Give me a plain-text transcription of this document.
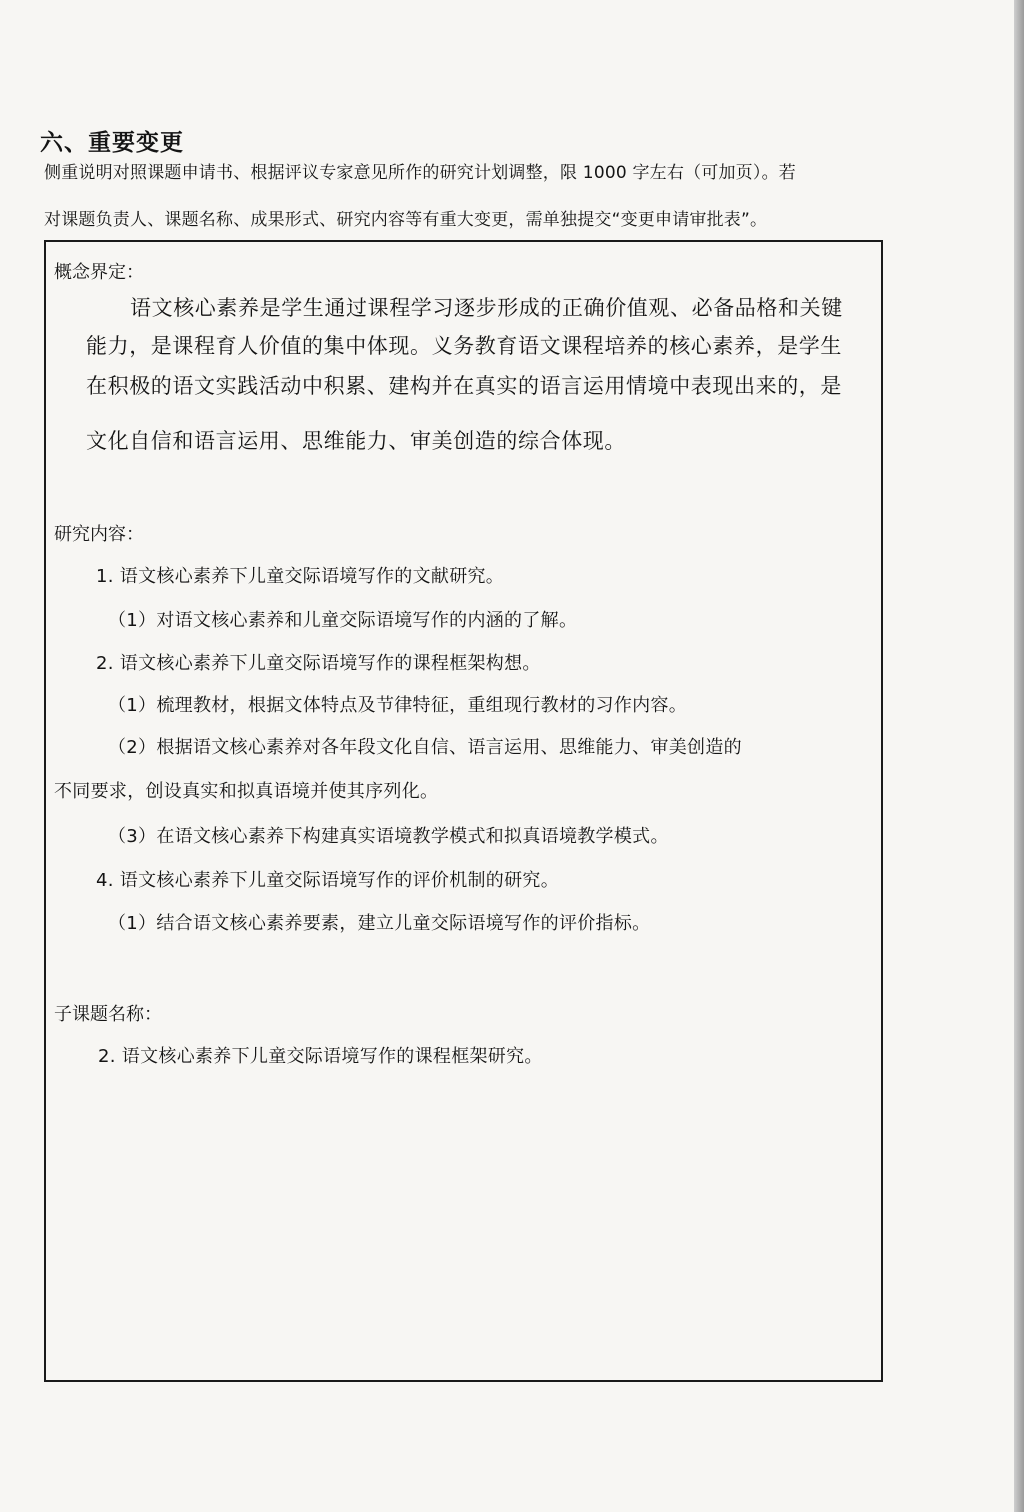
六、重要变更
侧重说明对照课题申请书、根据评议专家意见所作的研究计划调整，限 1000 字左右（可加页）。若
对课题负责人、课题名称、成果形式、研究内容等有重大变更，需单独提交“变更申请审批表”。
概念界定：
语文核心素养是学生通过课程学习逐步形成的正确价值观、必备品格和关键
能力，是课程育人价值的集中体现。义务教育语文课程培养的核心素养，是学生
在积极的语文实践活动中积累、建构并在真实的语言运用情境中表现出来的，是
文化自信和语言运用、思维能力、审美创造的综合体现。
研究内容：
1. 语文核心素养下儿童交际语境写作的文献研究。
（1）对语文核心素养和儿童交际语境写作的内涵的了解。
2. 语文核心素养下儿童交际语境写作的课程框架构想。
（1）梳理教材，根据文体特点及节律特征，重组现行教材的习作内容。
（2）根据语文核心素养对各年段文化自信、语言运用、思维能力、审美创造的
不同要求，创设真实和拟真语境并使其序列化。
（3）在语文核心素养下构建真实语境教学模式和拟真语境教学模式。
4. 语文核心素养下儿童交际语境写作的评价机制的研究。
（1）结合语文核心素养要素，建立儿童交际语境写作的评价指标。
子课题名称：
2. 语文核心素养下儿童交际语境写作的课程框架研究。
